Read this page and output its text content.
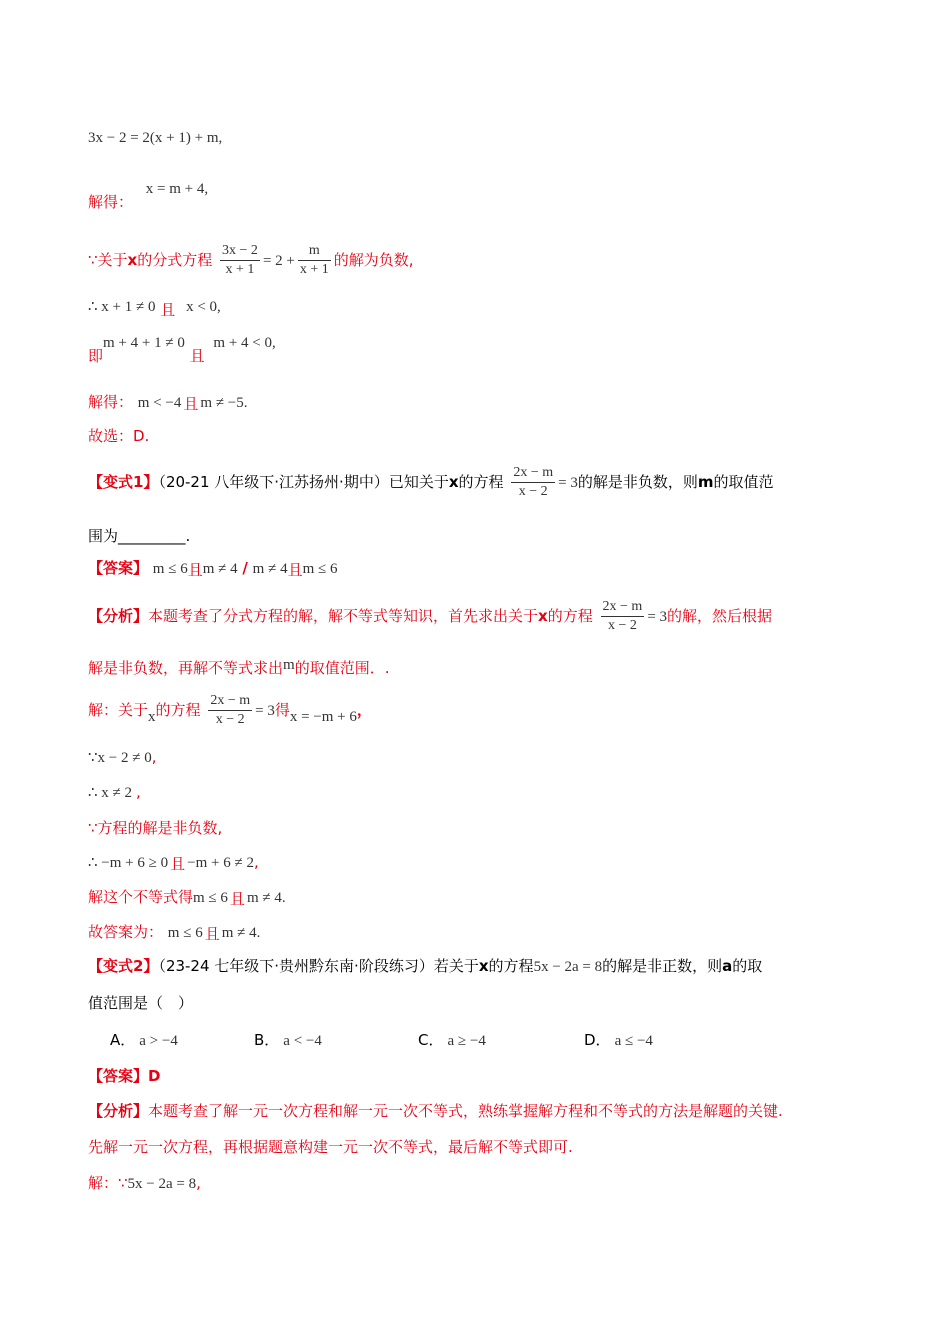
3x − 2 = 2(x + 1) + m,
解得： x = m + 4,
∵关于x的分式方程 $\frac{3x - 2}{x + 1} = 2 + \frac{m}{x + 1}$ 的解为负数,
∴ x + 1 ≠ 0 且 x < 0,
即m + 4 + 1 ≠ 0 且 m + 4 < 0,
解得： m < −4 且 m ≠ −5.
故选：D.
【变式1】（20-21 八年级下·江苏扬州·期中）已知关于x的方程 $\frac{2x - m}{x - 2} = 3$的解是非负数，则m的取值范
围为_________.
【答案】 m ≤ 6且m ≠ 4 / m ≠ 4且m ≤ 6
【分析】本题考查了分式方程的解，解不等式等知识，首先求出关于x的方程 $\frac{2x - m}{x - 2} = 3$的解，然后根据
解是非负数，再解不等式求出m的取值范围．.
解：关于x的方程 $\frac{2x - m}{x - 2} = 3$得x = −m + 6，
∵x − 2 ≠ 0,
∴ x ≠ 2 ,
∵方程的解是非负数,
∴ −m + 6 ≥ 0 且 −m + 6 ≠ 2,
解这个不等式得m ≤ 6 且 m ≠ 4.
故答案为： m ≤ 6 且 m ≠ 4.
【变式2】（23-24 七年级下·贵州黔东南·阶段练习）若关于x的方程5x − 2a = 8的解是非正数，则a的取
值范围是（　）
A． a > −4	B． a < −4	C． a ≥ −4	D． a ≤ −4
【答案】D
【分析】本题考查了解一元一次方程和解一元一次不等式，熟练掌握解方程和不等式的方法是解题的关键.
先解一元一次方程，再根据题意构建一元一次不等式，最后解不等式即可.
解：∵5x − 2a = 8,
